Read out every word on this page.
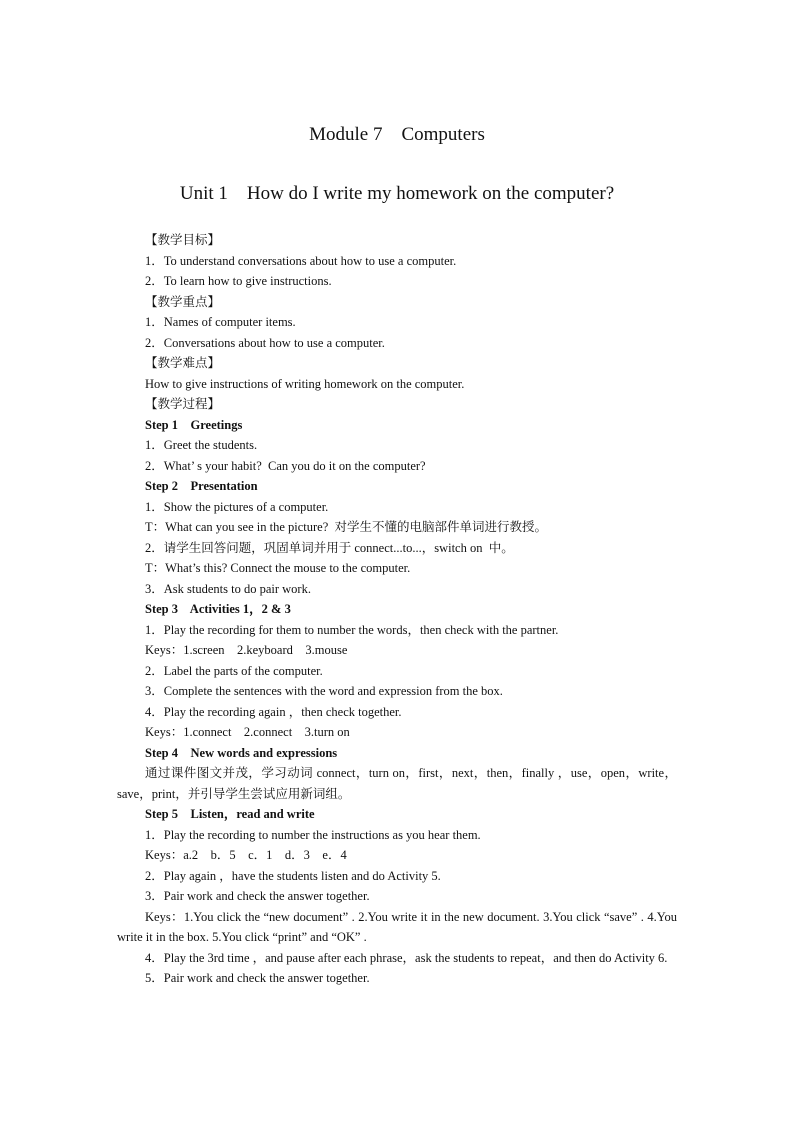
Module 7    Computers
Unit 1    How do I write my homework on the computer?
【教学目标】
1．To understand conversations about how to use a computer.
2．To learn how to give instructions.
【教学重点】
1．Names of computer items.
2．Conversations about how to use a computer.
【教学难点】
How to give instructions of writing homework on the computer.
【教学过程】
Step 1    Greetings
1．Greet the students.
2．What’ s your habit?  Can you do it on the computer?
Step 2    Presentation
1．Show the pictures of a computer.
T：What can you see in the picture?  对学生不懂的电脑部件单词进行教授。
2．请学生回答问题，巩固单词并用于 connect...to...，switch on  中。
T：What’s this? Connect the mouse to the computer.
3．Ask students to do pair work.
Step 3    Activities 1，2 & 3
1．Play the recording for them to number the words，then check with the partner.
Keys：1.screen    2.keyboard    3.mouse
2．Label the parts of the computer.
3．Complete the sentences with the word and expression from the box.
4．Play the recording again ，then check together.
Keys：1.connect    2.connect    3.turn on
Step 4    New words and expressions
通过课件图文并茂，学习动词 connect，turn on，first，next，then，finally ，use，open，write，save，print，并引导学生尝试应用新词组。
Step 5    Listen，read and write
1．Play the recording to number the instructions as you hear them.
Keys：a.2    b．5    c．1    d．3    e．4
2．Play again ，have the students listen and do Activity 5.
3．Pair work and check the answer together.
Keys：1.You click the “new document” . 2.You write it in the new document. 3.You click “save” . 4.You write it in the box. 5.You click “print” and “OK” .
4．Play the 3rd time ，and pause after each phrase，ask the students to repeat，and then do Activity 6.
5．Pair work and check the answer together.
